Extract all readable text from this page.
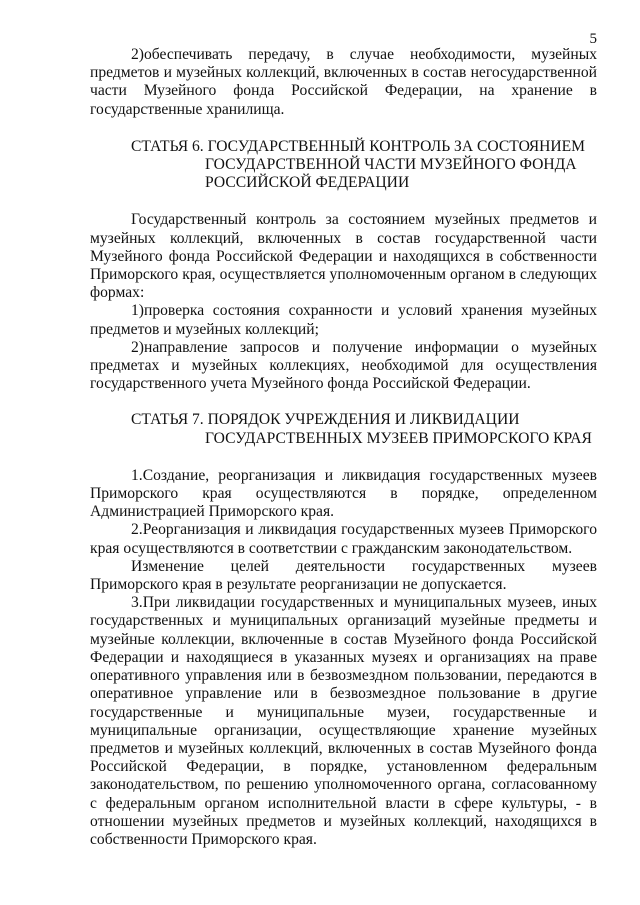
5

2)обеспечивать передачу, в случае необходимости, музейных предметов и музейных коллекций, включенных в состав негосударственной части Музейного фонда Российской Федерации, на хранение в государственные хранилища.

СТАТЬЯ 6. ГОСУДАРСТВЕННЫЙ КОНТРОЛЬ ЗА СОСТОЯНИЕМ
ГОСУДАРСТВЕННОЙ ЧАСТИ МУЗЕЙНОГО ФОНДА
РОССИЙСКОЙ ФЕДЕРАЦИИ

Государственный контроль за состоянием музейных предметов и музейных коллекций, включенных в состав государственной части Музейного фонда Российской Федерации и находящихся в собственности Приморского края, осуществляется уполномоченным органом в следующих формах:

1)проверка состояния сохранности и условий хранения музейных предметов и музейных коллекций;

2)направление запросов и получение информации о музейных предметах и музейных коллекциях, необходимой для осуществления государственного учета Музейного фонда Российской Федерации.

СТАТЬЯ 7. ПОРЯДОК УЧРЕЖДЕНИЯ И ЛИКВИДАЦИИ
ГОСУДАРСТВЕННЫХ МУЗЕЕВ ПРИМОРСКОГО КРАЯ

1.Создание, реорганизация и ликвидация государственных музеев Приморского края осуществляются в порядке, определенном Администрацией Приморского края.

2.Реорганизация и ликвидация государственных музеев Приморского края осуществляются в соответствии с гражданским законодательством.

Изменение целей деятельности государственных музеев Приморского края в результате реорганизации не допускается.

3.При ликвидации государственных и муниципальных музеев, иных государственных и муниципальных организаций музейные предметы и музейные коллекции, включенные в состав Музейного фонда Российской Федерации и находящиеся в указанных музеях и организациях на праве оперативного управления или в безвозмездном пользовании, передаются в оперативное управление или в безвозмездное пользование в другие государственные и муниципальные музеи, государственные и муниципальные организации, осуществляющие хранение музейных предметов и музейных коллекций, включенных в состав Музейного фонда Российской Федерации, в порядке, установленном федеральным законодательством, по решению уполномоченного органа, согласованному с федеральным органом исполнительной власти в сфере культуры, - в отношении музейных предметов и музейных коллекций, находящихся в собственности Приморского края.
